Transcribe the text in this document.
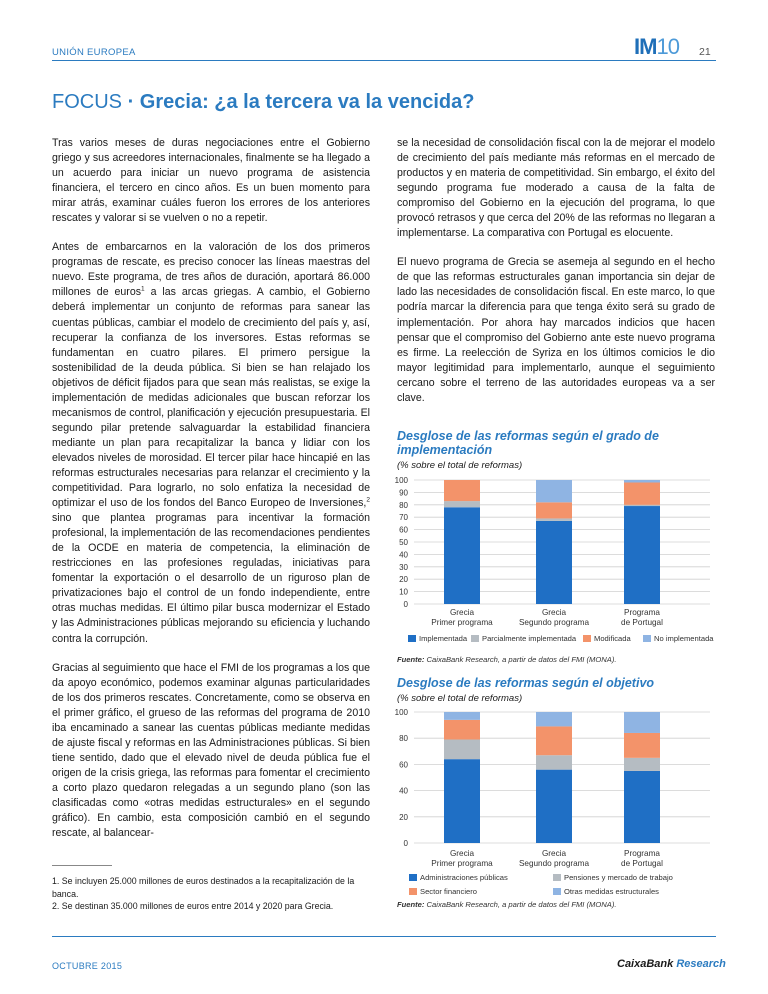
UNIÓN EUROPEA	IM10 21
FOCUS · Grecia: ¿a la tercera va la vencida?

Tras varios meses de duras negociaciones entre el Gobierno griego y sus acreedores internacionales, finalmente se ha llegado a un acuerdo para iniciar un nuevo programa de asistencia financiera, el tercero en cinco años. Es un buen momento para mirar atrás, examinar cuáles fueron los errores de los anteriores rescates y valorar si se vuelven o no a repetir.

Antes de embarcarnos en la valoración de los dos primeros programas de rescate, es preciso conocer las líneas maestras del nuevo. Este programa, de tres años de duración, aportará 86.000 millones de euros$^1$ a las arcas griegas. A cambio, el Gobierno deberá implementar un conjunto de reformas para sanear las cuentas públicas, cambiar el modelo de crecimiento del país y, así, recuperar la confianza de los inversores. Estas reformas se fundamentan en cuatro pilares. El primero persigue la sostenibilidad de la deuda pública. Si bien se han relajado los objetivos de déficit fijados para que sean más realistas, se exige la implementación de medidas adicionales que buscan reforzar los mecanismos de control, planificación y ejecución presupuestaria. El segundo pilar pretende salvaguardar la estabilidad financiera mediante un plan para recapitalizar la banca y lidiar con los elevados niveles de morosidad. El tercer pilar hace hincapié en las reformas estructurales necesarias para relanzar el crecimiento y la competitividad. Para lograrlo, no solo enfatiza la necesidad de optimizar el uso de los fondos del Banco Europeo de Inversiones,$^2$ sino que plantea programas para incentivar la formación profesional, la implementación de las recomendaciones pendientes de la OCDE en materia de competencia, la eliminación de restricciones en las profesiones reguladas, iniciativas para fomentar la exportación o el desarrollo de un riguroso plan de privatizaciones bajo el control de un fondo independiente, entre otras muchas medidas. El último pilar busca modernizar el Estado y las Administraciones públicas mejorando su eficiencia y luchando contra la corrupción.

Gracias al seguimiento que hace el FMI de los programas a los que da apoyo económico, podemos examinar algunas particularidades de los dos primeros rescates. Concretamente, como se observa en el primer gráfico, el grueso de las reformas del programa de 2010 iba encaminado a sanear las cuentas públicas mediante medidas de ajuste fiscal y reformas en las Administraciones públicas. Si bien tiene sentido, dado que el elevado nivel de deuda pública fue el origen de la crisis griega, las reformas para fomentar el crecimiento a corto plazo quedaron relegadas a un segundo plano (son las clasificadas como «otras medidas estructurales» en el segundo gráfico). En cambio, esta composición cambió en el segundo rescate, al balancear-

1. Se incluyen 25.000 millones de euros destinados a la recapitalización de la banca.
2. Se destinan 35.000 millones de euros entre 2014 y 2020 para Grecia.

se la necesidad de consolidación fiscal con la de mejorar el modelo de crecimiento del país mediante más reformas en el mercado de productos y en materia de competitividad. Sin embargo, el éxito del segundo programa fue moderado a causa de la falta de compromiso del Gobierno en la ejecución del programa, lo que provocó retrasos y que cerca del 20% de las reformas no llegaran a implementarse. La comparativa con Portugal es elocuente.

El nuevo programa de Grecia se asemeja al segundo en el hecho de que las reformas estructurales ganan importancia sin dejar de lado las necesidades de consolidación fiscal. En este marco, lo que podría marcar la diferencia para que tenga éxito será su grado de implementación. Por ahora hay marcados indicios que hacen pensar que el compromiso del Gobierno ante este nuevo programa es firme. La reelección de Syriza en los últimos comicios le dio mayor legitimidad para implementarlo, aunque el seguimiento cercano sobre el terreno de las autoridades europeas va a ser clave.

Desglose de las reformas según el grado de implementación
(% sobre el total de reformas)
0
10
20
30
40
50
60
70
80
90
100
Grecia
Primer programa
Grecia
Segundo programa
Programa
de Portugal
Implementada Parcialmente implementada Modificada	No implementada
Fuente: CaixaBank Research, a partir de datos del FMI (MONA).
Desglose de las reformas según el objetivo
(% sobre el total de reformas)
0
20
40
60
80
100
Grecia
Primer programa
Grecia
Segundo programa
Programa
de Portugal
Administraciones públicas	Pensiones y mercado de trabajo
Sector financiero	Otras medidas estructurales
Fuente: CaixaBank Research, a partir de datos del FMI (MONA).
OCTUBRE 2015	CaixaBank Research
